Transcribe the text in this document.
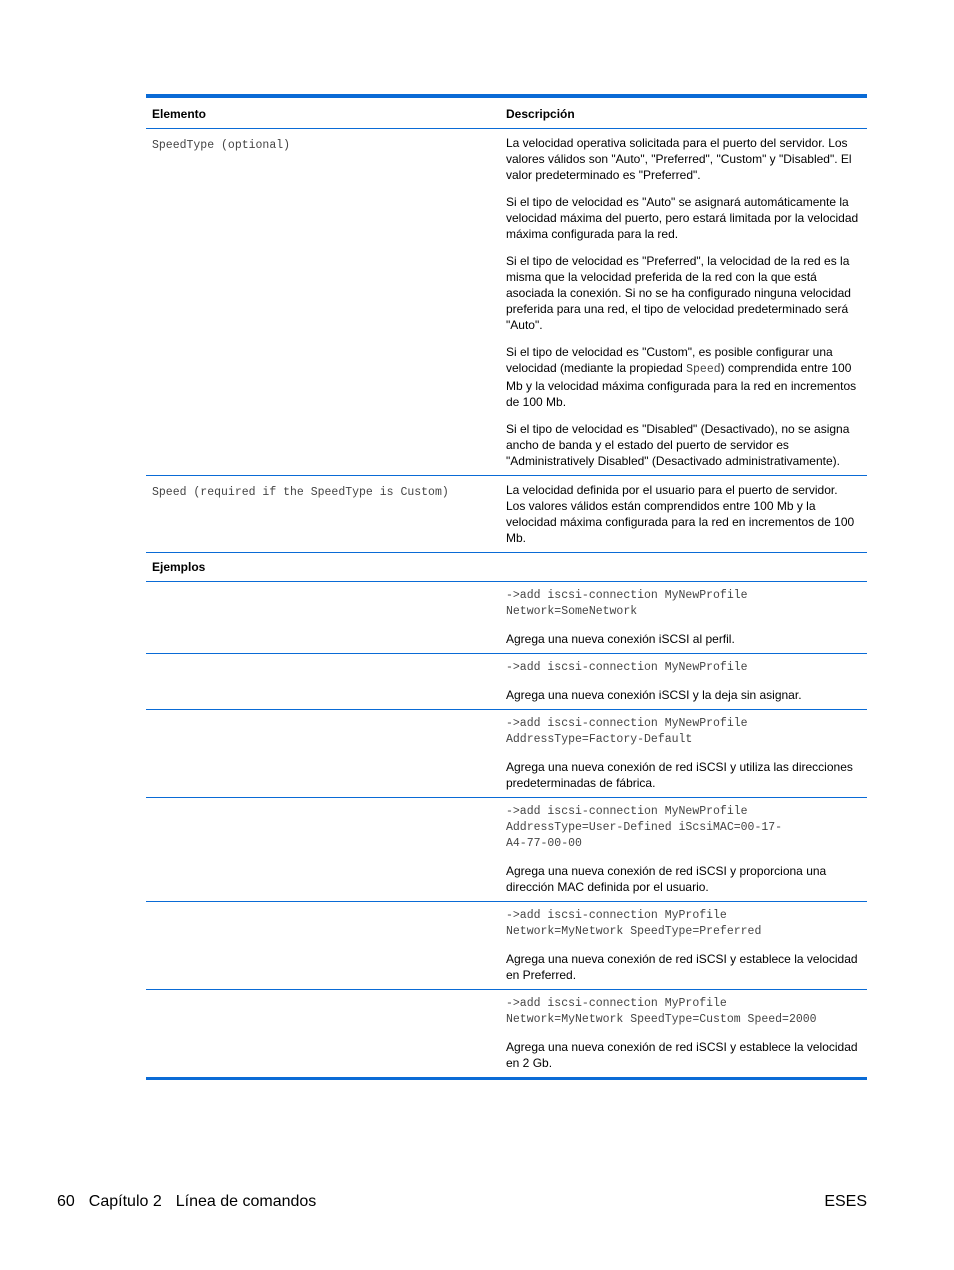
Elemento	Descripción
SpeedType (optional)	La velocidad operativa solicitada para el puerto del servidor. Los valores válidos son "Auto", "Preferred", "Custom" y "Disabled". El valor predeterminado es "Preferred".

Si el tipo de velocidad es "Auto" se asignará automáticamente la velocidad máxima del puerto, pero estará limitada por la velocidad máxima configurada para la red.

Si el tipo de velocidad es "Preferred", la velocidad de la red es la misma que la velocidad preferida de la red con la que está asociada la conexión. Si no se ha configurado ninguna velocidad preferida para una red, el tipo de velocidad predeterminado será "Auto".

Si el tipo de velocidad es "Custom", es posible configurar una velocidad (mediante la propiedad Speed) comprendida entre 100 Mb y la velocidad máxima configurada para la red en incrementos de 100 Mb.

Si el tipo de velocidad es "Disabled" (Desactivado), no se asigna ancho de banda y el estado del puerto de servidor es "Administratively Disabled" (Desactivado administrativamente).

Speed (required if the SpeedType is Custom)	La velocidad definida por el usuario para el puerto de servidor. Los valores válidos están comprendidos entre 100 Mb y la velocidad máxima configurada para la red en incrementos de 100 Mb.

Ejemplos
->add iscsi-connection MyNewProfile
Network=SomeNetwork

Agrega una nueva conexión iSCSI al perfil.

->add iscsi-connection MyNewProfile

Agrega una nueva conexión iSCSI y la deja sin asignar.

->add iscsi-connection MyNewProfile
AddressType=Factory-Default

Agrega una nueva conexión de red iSCSI y utiliza las direcciones predeterminadas de fábrica.

->add iscsi-connection MyNewProfile
AddressType=User-Defined iScsiMAC=00-17-
A4-77-00-00

Agrega una nueva conexión de red iSCSI y proporciona una dirección MAC definida por el usuario.

->add iscsi-connection MyProfile
Network=MyNetwork SpeedType=Preferred

Agrega una nueva conexión de red iSCSI y establece la velocidad en Preferred.

->add iscsi-connection MyProfile
Network=MyNetwork SpeedType=Custom Speed=2000

Agrega una nueva conexión de red iSCSI y establece la velocidad en 2 Gb.

60 Capítulo 2 Línea de comandos	ESES
